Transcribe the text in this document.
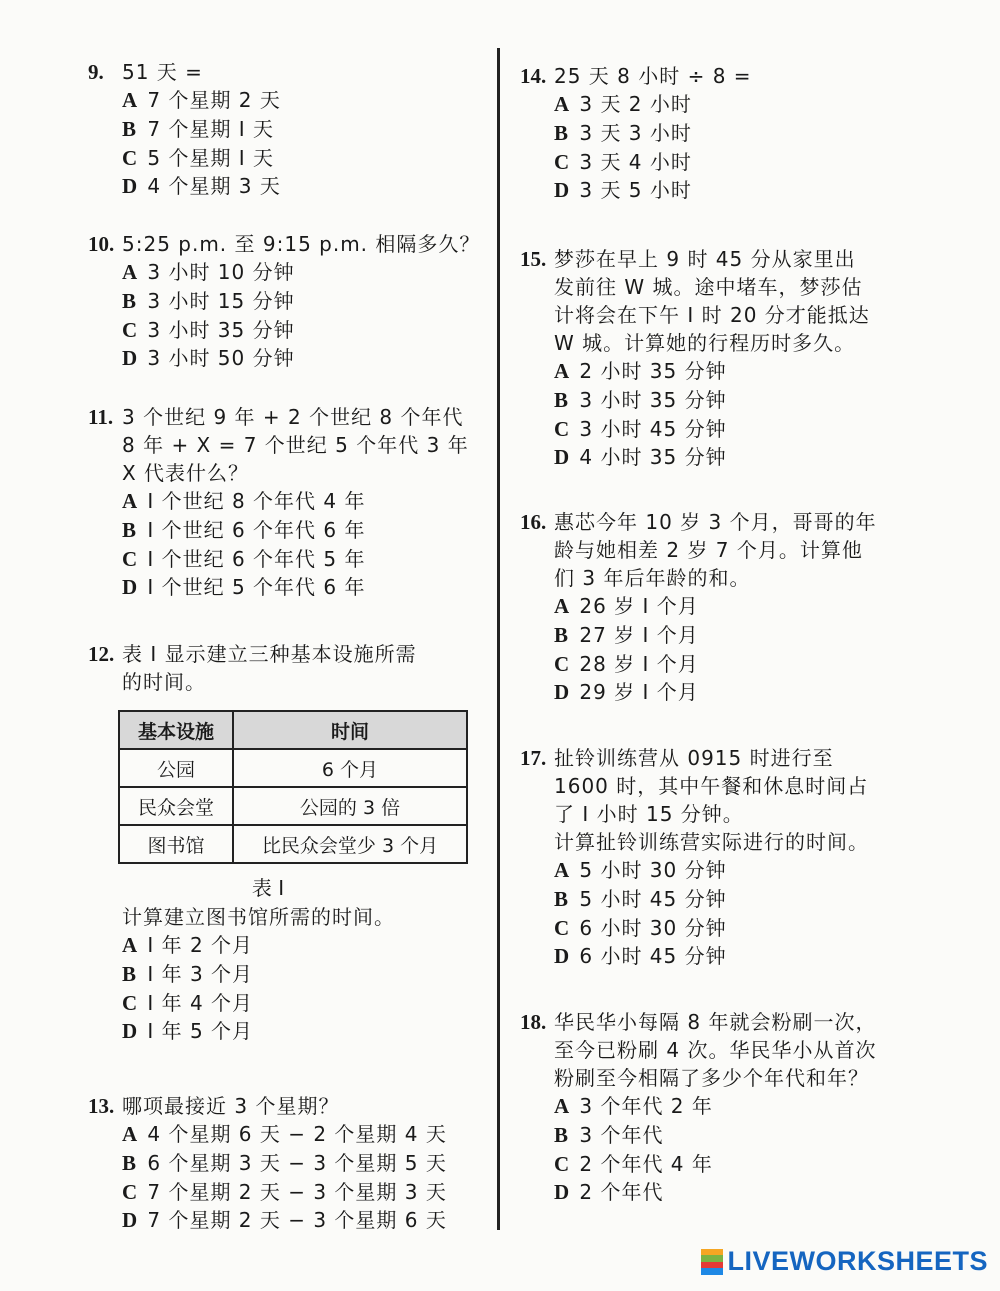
9. 51 天 =
A 7 个星期 2 天
B 7 个星期 I 天
C 5 个星期 I 天
D 4 个星期 3 天
10. 5:25 p.m. 至 9:15 p.m. 相隔多久？
A 3 小时 10 分钟
B 3 小时 15 分钟
C 3 小时 35 分钟
D 3 小时 50 分钟
11. 3 个世纪 9 年 + 2 个世纪 8 个年代
8 年 + X = 7 个世纪 5 个年代 3 年
X 代表什么？
A I 个世纪 8 个年代 4 年
B I 个世纪 6 个年代 6 年
C I 个世纪 6 个年代 5 年
D I 个世纪 5 个年代 6 年
12. 表 I 显示建立三种基本设施所需
的时间。
基本设施	时间
公园	6 个月
民众会堂	公园的 3 倍
图书馆	比民众会堂少 3 个月
表 I
计算建立图书馆所需的时间。
A I 年 2 个月
B I 年 3 个月
C I 年 4 个月
D I 年 5 个月
13. 哪项最接近 3 个星期？
A 4 个星期 6 天 − 2 个星期 4 天
B 6 个星期 3 天 − 3 个星期 5 天
C 7 个星期 2 天 − 3 个星期 3 天
D 7 个星期 2 天 − 3 个星期 6 天
14. 25 天 8 小时 ÷ 8 =
A 3 天 2 小时
B 3 天 3 小时
C 3 天 4 小时
D 3 天 5 小时
15. 梦莎在早上 9 时 45 分从家里出
发前往 W 城。途中堵车，梦莎估
计将会在下午 I 时 20 分才能抵达
W 城。计算她的行程历时多久。
A 2 小时 35 分钟
B 3 小时 35 分钟
C 3 小时 45 分钟
D 4 小时 35 分钟
16. 惠芯今年 10 岁 3 个月，哥哥的年
龄与她相差 2 岁 7 个月。计算他
们 3 年后年龄的和。
A 26 岁 I 个月
B 27 岁 I 个月
C 28 岁 I 个月
D 29 岁 I 个月
17. 扯铃训练营从 0915 时进行至
1600 时，其中午餐和休息时间占
了 I 小时 15 分钟。
计算扯铃训练营实际进行的时间。
A 5 小时 30 分钟
B 5 小时 45 分钟
C 6 小时 30 分钟
D 6 小时 45 分钟
18. 华民华小每隔 8 年就会粉刷一次，
至今已粉刷 4 次。华民华小从首次
粉刷至今相隔了多少个年代和年？
A 3 个年代 2 年
B 3 个年代
C 2 个年代 4 年
D 2 个年代
LIVEWORKSHEETS
